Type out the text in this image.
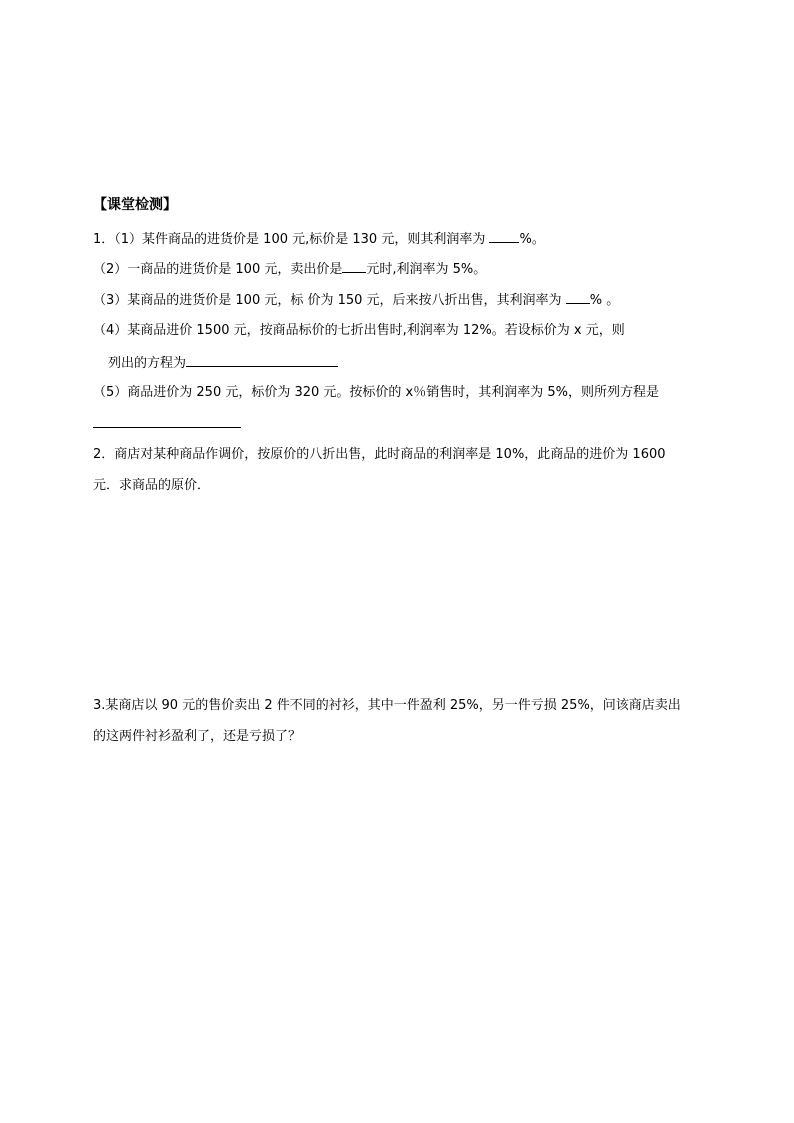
【课堂检测】
1．（1）某件商品的进货价是 100 元,标价是 130 元，则其利润率为 %。
（2）一商品的进货价是 100 元，卖出价是 元时,利润率为 5%。
（3）某商品的进货价是 100 元，标 价为 150 元，后来按八折出售，其利润率为 % 。
（4）某商品进价 1500 元，按商品标价的七折出售时,利润率为 12%。若设标价为 x 元，则
列出的方程为
（5）商品进价为 250 元，标价为 320 元。按标价的 x％销售时，其利润率为 5%，则所列方程是
2．商店对某种商品作调价，按原价的八折出售，此时商品的利润率是 10%，此商品的进价为 1600
元．求商品的原价．
3.某商店以 90 元的售价卖出 2 件不同的衬衫，其中一件盈利 25%，另一件亏损 25%，问该商店卖出
的这两件衬衫盈利了，还是亏损了？
